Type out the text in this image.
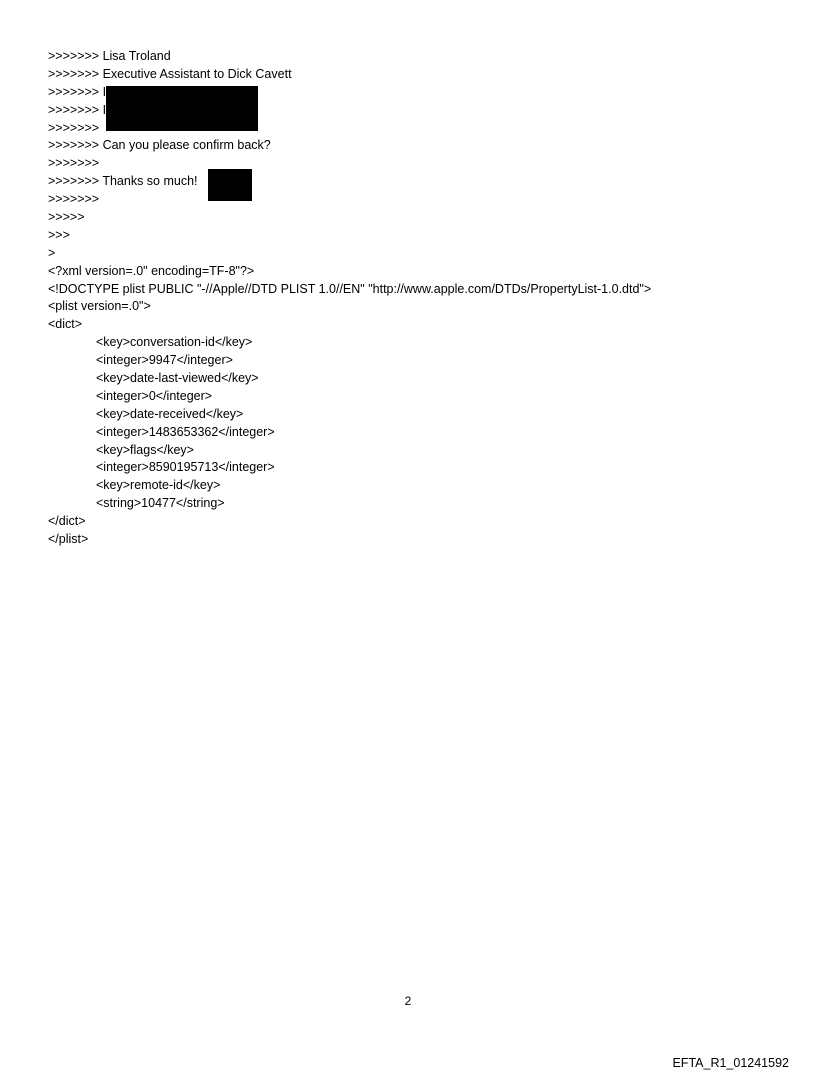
>>>>>>> Lisa Troland
>>>>>>> Executive Assistant to Dick Cavett
>>>>>>> I
>>>>>>> I
>>>>>>>
>>>>>>> Can you please confirm back?
>>>>>>>
>>>>>>> Thanks so much!
>>>>>>>
>>>>>
>>>
>
<?xml version=.0" encoding=TF-8"?>
<!DOCTYPE plist PUBLIC "-//Apple//DTD PLIST 1.0//EN" "http://www.apple.com/DTDs/PropertyList-1.0.dtd">
<plist version=.0">
<dict>
<key>conversation-id</key>
<integer>9947</integer>
<key>date-last-viewed</key>
<integer>0</integer>
<key>date-received</key>
<integer>1483653362</integer>
<key>flags</key>
<integer>8590195713</integer>
<key>remote-id</key>
<string>10477</string>
</dict>
</plist>
2
EFTA_R1_01241592
